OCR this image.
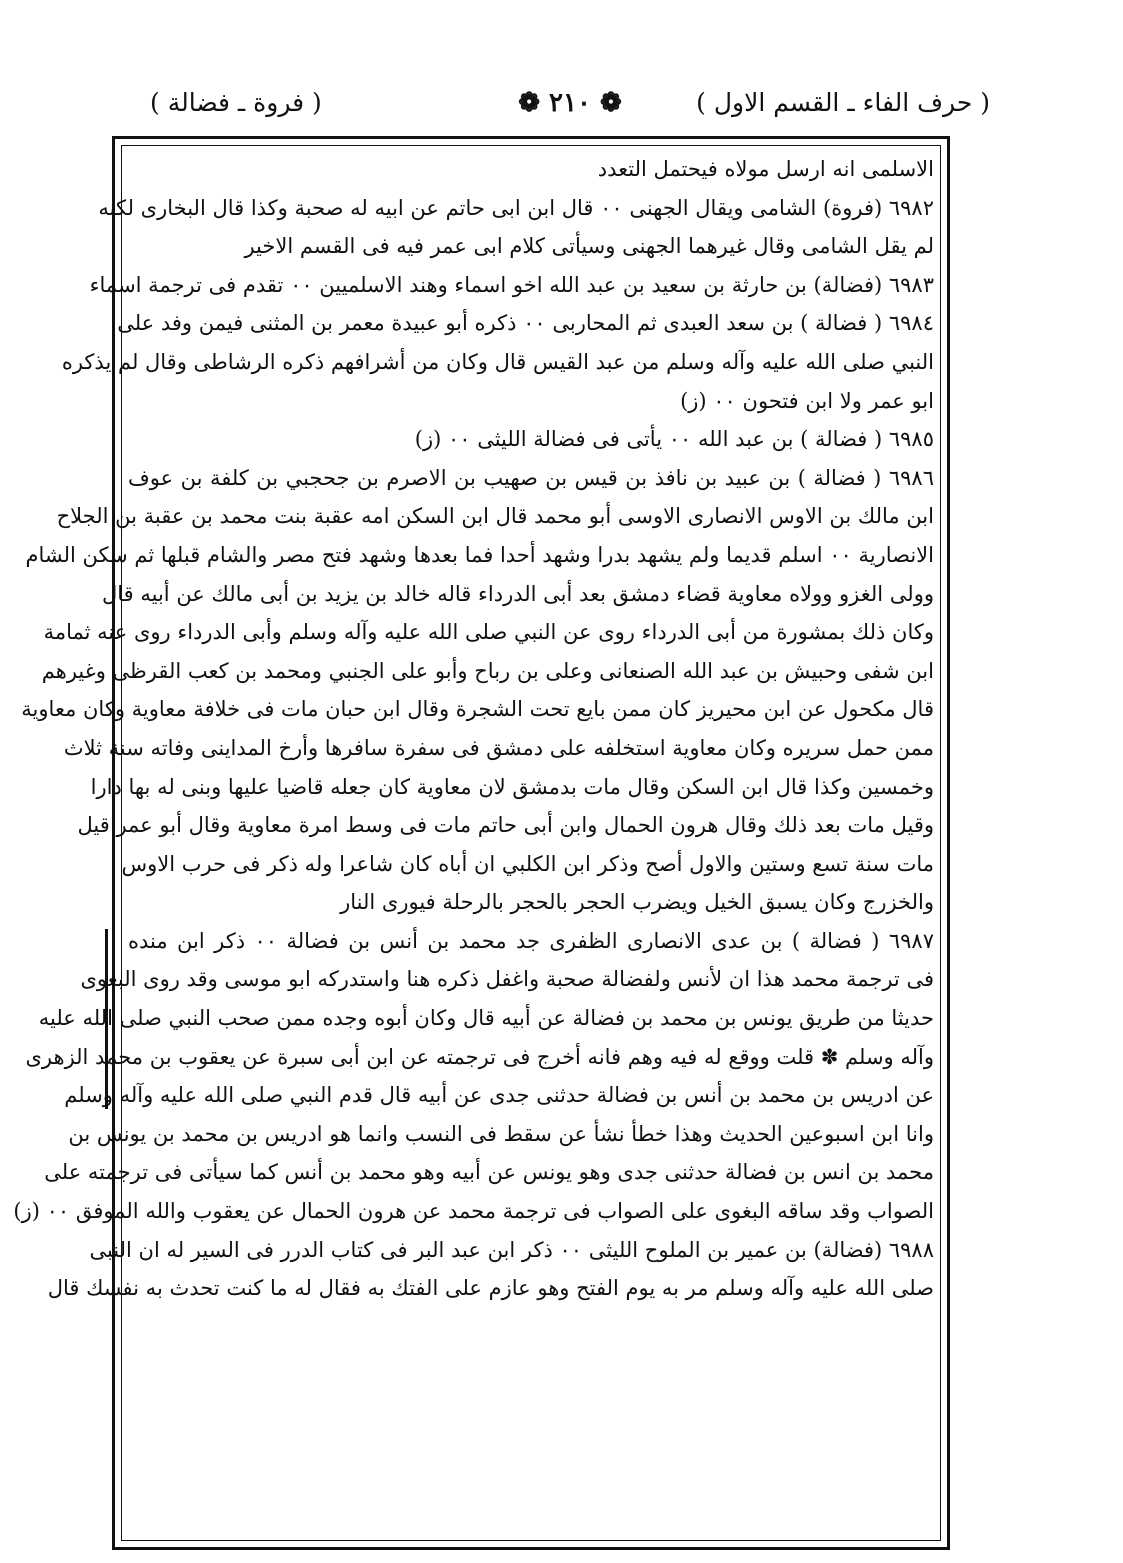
( حرف الفاء ـ القسم الاول )
❁ ٢١٠ ❁
( فروة ـ فضالة )
الاسلمى انه ارسل مولاه فيحتمل التعدد
٦٩٨٢ (فروة) الشامى ويقال الجهنى ٠٠ قال ابن ابى حاتم عن ابيه له صحبة وكذا قال البخارى لكنه
لم يقل الشامى وقال غيرهما الجهنى وسيأتى كلام ابى عمر فيه فى القسم الاخير
٦٩٨٣ (فضالة) بن حارثة بن سعيد بن عبد الله اخو اسماء وهند الاسلميين ٠٠ تقدم فى ترجمة اسماء
٦٩٨٤ ( فضالة ) بن سعد العبدى ثم المحاربى ٠٠ ذكره أبو عبيدة معمر بن المثنى فيمن وفد على
النبي صلى الله عليه وآله وسلم من عبد القيس قال وكان من أشرافهم ذكره الرشاطى وقال لم يذكره
ابو عمر ولا ابن فتحون ٠٠ (ز)
٦٩٨٥ ( فضالة ) بن عبد الله ٠٠ يأتى فى فضالة الليثى ٠٠ (ز)
٦٩٨٦ ( فضالة ) بن عبيد بن نافذ بن قيس بن صهيب بن الاصرم بن جحجبي بن كلفة بن عوف
ابن مالك بن الاوس الانصارى الاوسى أبو محمد قال ابن السكن امه عقبة بنت محمد بن عقبة بن الجلاح
الانصارية ٠٠ اسلم قديما ولم يشهد بدرا وشهد أحدا فما بعدها وشهد فتح مصر والشام قبلها ثم سكن الشام
وولى الغزو وولاه معاوية قضاء دمشق بعد أبى الدرداء قاله خالد بن يزيد بن أبى مالك عن أبيه قال
وكان ذلك بمشورة من أبى الدرداء روى عن النبي صلى الله عليه وآله وسلم وأبى الدرداء روى عنه ثمامة
ابن شفى وحبيش بن عبد الله الصنعانى وعلى بن رباح وأبو على الجنبي ومحمد بن كعب القرظى وغيرهم
قال مكحول عن ابن محيريز كان ممن بايع تحت الشجرة وقال ابن حبان مات فى خلافة معاوية وكان معاوية
ممن حمل سريره وكان معاوية استخلفه على دمشق فى سفرة سافرها وأرخ المداينى وفاته سنة ثلاث
وخمسين وكذا قال ابن السكن وقال مات بدمشق لان معاوية كان جعله قاضيا عليها وبنى له بها دارا
وقيل مات بعد ذلك وقال هرون الحمال وابن أبى حاتم مات فى وسط امرة معاوية وقال أبو عمر قيل
مات سنة تسع وستين والاول أصح وذكر ابن الكلبي ان أباه كان شاعرا وله ذكر فى حرب الاوس
والخزرج وكان يسبق الخيل ويضرب الحجر بالحجر بالرحلة فيورى النار
٦٩٨٧ ( فضالة ) بن عدى الانصارى الظفرى جد محمد بن أنس بن فضالة ٠٠ ذكر ابن منده
فى ترجمة محمد هذا ان لأنس ولفضالة صحبة واغفل ذكره هنا واستدركه ابو موسى وقد روى البغوى
حديثا من طريق يونس بن محمد بن فضالة عن أبيه قال وكان أبوه وجده ممن صحب النبي صلى الله عليه
وآله وسلم ✽ قلت ووقع له فيه وهم فانه أخرج فى ترجمته عن ابن أبى سبرة عن يعقوب بن محمد الزهرى
عن ادريس بن محمد بن أنس بن فضالة حدثنى جدى عن أبيه قال قدم النبي صلى الله عليه وآله وسلم
وانا ابن اسبوعين الحديث وهذا خطأ نشأ عن سقط فى النسب وانما هو ادريس بن محمد بن يونس بن
محمد بن انس بن فضالة حدثنى جدى وهو يونس عن أبيه وهو محمد بن أنس كما سيأتى فى ترجمته على
الصواب وقد ساقه البغوى على الصواب فى ترجمة محمد عن هرون الحمال عن يعقوب والله الموفق ٠٠ (ز)
٦٩٨٨ (فضالة) بن عمير بن الملوح الليثى ٠٠ ذكر ابن عبد البر فى كتاب الدرر فى السير له ان النبى
صلى الله عليه وآله وسلم مر به يوم الفتح وهو عازم على الفتك به فقال له ما كنت تحدث به نفسك قال
